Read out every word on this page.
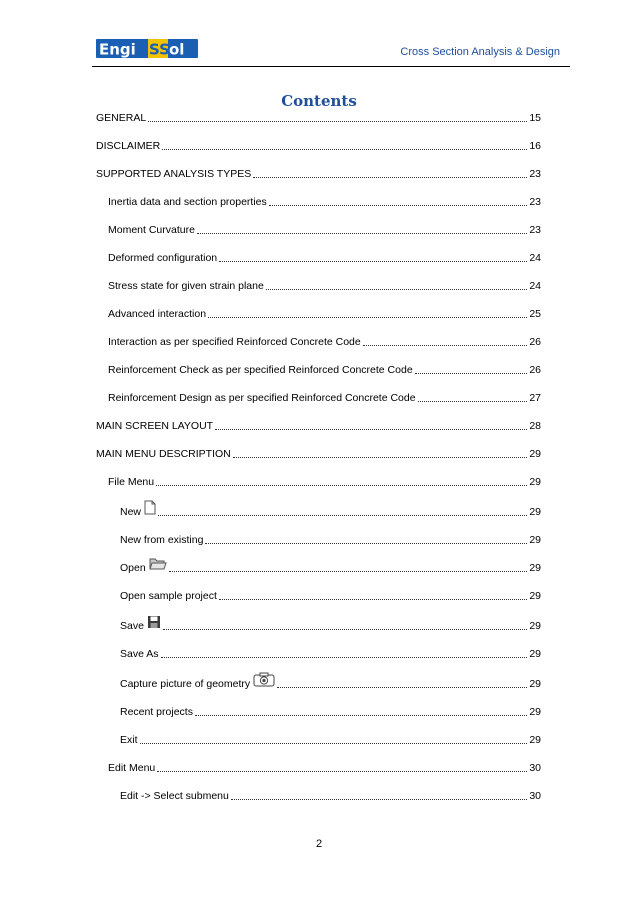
Engi SS ol	Cross Section Analysis & Design
Contents
GENERAL	15
DISCLAIMER	16
SUPPORTED ANALYSIS TYPES	23
Inertia data and section properties	23
Moment Curvature	23
Deformed configuration	24
Stress state for given strain plane	24
Advanced interaction	25
Interaction as per specified Reinforced Concrete Code	26
Reinforcement Check as per specified Reinforced Concrete Code	26
Reinforcement Design as per specified Reinforced Concrete Code	27
MAIN SCREEN LAYOUT	28
MAIN MENU DESCRIPTION	29
File Menu	29
New	29
New from existing	29
Open	29
Open sample project	29
Save	29
Save As	29
Capture picture of geometry	29
Recent projects	29
Exit	29
Edit Menu	30
Edit -> Select submenu	30
2
